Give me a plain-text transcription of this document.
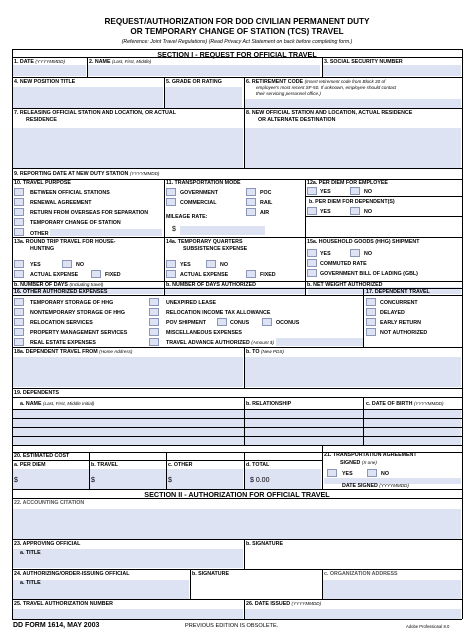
REQUEST/AUTHORIZATION FOR DOD CIVILIAN PERMANENT DUTY
OR TEMPORARY CHANGE OF STATION (TCS) TRAVEL
(Reference: Joint Travel Regulations) (Read Privacy Act Statement on back before completing form.)
SECTION I - REQUEST FOR OFFICIAL TRAVEL
1. DATE (YYYYMMDD)	2. NAME (Last, First, Middle)	3. SOCIAL SECURITY NUMBER
4. NEW POSITION TITLE	5. GRADE OR RATING	6. RETIREMENT CODE (Insert retirement code from Block 30 of
employee's most recent SF-50. If unknown, employee should contact
their servicing personnel office.)
7. RELEASING OFFICIAL STATION AND LOCATION, OR ACTUAL
RESIDENCE
8. NEW OFFICIAL STATION AND LOCATION, ACTUAL RESIDENCE
OR ALTERNATE DESTINATION
9. REPORTING DATE AT NEW DUTY STATION (YYYYMMDD)
10. TRAVEL PURPOSE
BETWEEN OFFICIAL STATIONS
RENEWAL AGREEMENT
RETURN FROM OVERSEAS FOR SEPARATION
TEMPORARY CHANGE OF STATION
OTHER
11. TRANSPORTATION MODE
GOVERNMENT
COMMERCIAL
POC
RAIL
AIR
MILEAGE RATE:
$
12a. PER DIEM FOR EMPLOYEE
YES	NO
b. PER DIEM FOR DEPENDENT(S)
YES	NO
13a. ROUND TRIP TRAVEL FOR HOUSE-
HUNTING
YES	NO
ACTUAL EXPENSE	FIXED
b. NUMBER OF DAYS (Including travel)
14a. TEMPORARY QUARTERS
SUBSISTENCE EXPENSE
YES	NO
ACTUAL EXPENSE	FIXED
b. NUMBER OF DAYS AUTHORIZED
15a. HOUSEHOLD GOODS (HHG) SHIPMENT
YES	NO
COMMUTED RATE
GOVERNMENT BILL OF LADING (GBL)
b. NET WEIGHT AUTHORIZED
16. OTHER AUTHORIZED EXPENSES
TEMPORARY STORAGE OF HHG
NONTEMPORARY STORAGE OF HHG
RELOCATION SERVICES
PROPERTY MANAGEMENT SERVICES
REAL ESTATE EXPENSES
UNEXPIRED LEASE
RELOCATION INCOME TAX ALLOWANCE
POV SHIPMENT	CONUS	OCONUS
MISCELLANEOUS EXPENSES
TRAVEL ADVANCE AUTHORIZED (Amount $)
17. DEPENDENT TRAVEL
CONCURRENT
DELAYED
EARLY RETURN
NOT AUTHORIZED
18a. DEPENDENT TRAVEL FROM (Home Address)	b. TO (New PDS)
19. DEPENDENTS
a. NAME (Last, First, Middle Initial)	b. RELATIONSHIP	c. DATE OF BIRTH (YYYYMMDD)
20. ESTIMATED COST
a. PER DIEM	b. TRAVEL	c. OTHER	d. TOTAL
$	$	$	$ 0.00
21. TRANSPORTATION AGREEMENT
SIGNED (X one)
YES	NO
DATE SIGNED (YYYYMMDD)
SECTION II - AUTHORIZATION FOR OFFICIAL TRAVEL
22. ACCOUNTING CITATION
23. APPROVING OFFICIAL
a. TITLE
b. SIGNATURE
24. AUTHORIZING/ORDER-ISSUING OFFICIAL
a. TITLE
b. SIGNATURE	c. ORGANIZATION ADDRESS
25. TRAVEL AUTHORIZATION NUMBER	26. DATE ISSUED (YYYYMMDD)
DD FORM 1614, MAY 2003	PREVIOUS EDITION IS OBSOLETE.	Adobe Professional 8.0
